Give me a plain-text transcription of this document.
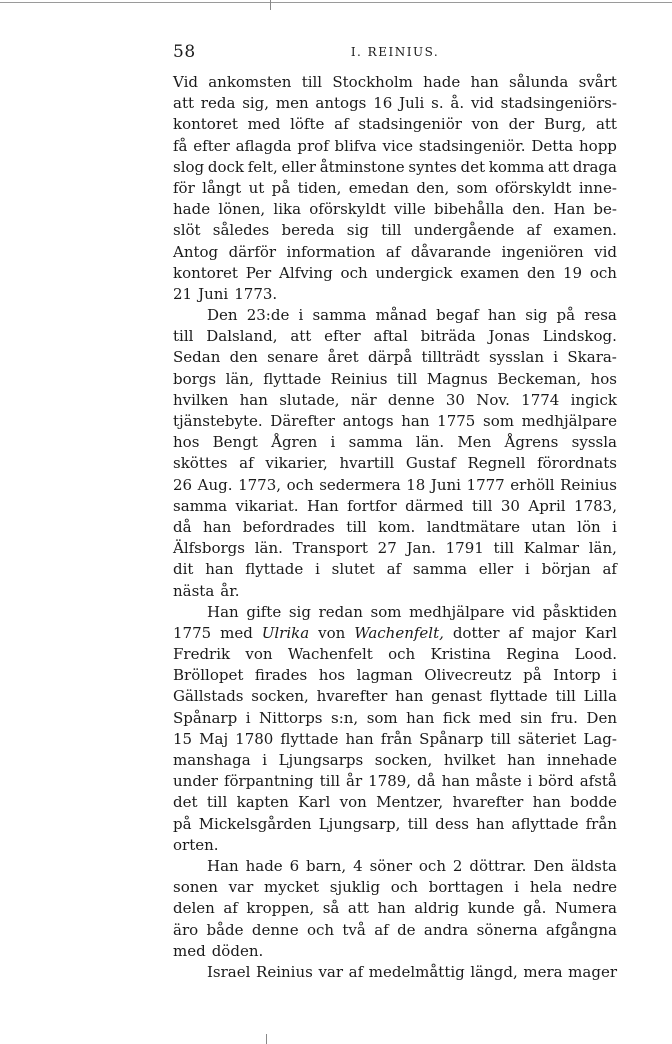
58	I. REINIUS.
Vid ankomsten till Stockholm hade han sålunda svårt
att reda sig, men antogs 16 Juli s. å. vid stadsingeniörs-
kontoret med löfte af stadsingeniör von der Burg, att
få efter aflagda prof blifva vice stadsingeniör. Detta hopp
slog dock felt, eller åtminstone syntes det komma att draga
för långt ut på tiden, emedan den, som oförskyldt inne-
hade lönen, lika oförskyldt ville bibehålla den. Han be-
slöt således bereda sig till undergående af examen.
Antog därför information af dåvarande ingeniören vid
kontoret Per Alfving och undergick examen den 19 och
21 Juni 1773.
Den 23:de i samma månad begaf han sig på resa
till Dalsland, att efter aftal biträda Jonas Lindskog.
Sedan den senare året därpå tillträdt sysslan i Skara-
borgs län, flyttade Reinius till Magnus Beckeman, hos
hvilken han slutade, när denne 30 Nov. 1774 ingick
tjänstebyte. Därefter antogs han 1775 som medhjälpare
hos Bengt Ågren i samma län. Men Ågrens syssla
sköttes af vikarier, hvartill Gustaf Regnell förordnats
26 Aug. 1773, och sedermera 18 Juni 1777 erhöll Reinius
samma vikariat. Han fortfor därmed till 30 April 1783,
då han befordrades till kom. landtmätare utan lön i
Älfsborgs län. Transport 27 Jan. 1791 till Kalmar län,
dit han flyttade i slutet af samma eller i början af
nästa år.
Han gifte sig redan som medhjälpare vid påsktiden
1775 med Ulrika von Wachenfelt, dotter af major Karl
Fredrik von Wachenfelt och Kristina Regina Lood.
Bröllopet firades hos lagman Olivecreutz på Intorp i
Gällstads socken, hvarefter han genast flyttade till Lilla
Spånarp i Nittorps s:n, som han fick med sin fru. Den
15 Maj 1780 flyttade han från Spånarp till säteriet Lag-
manshaga i Ljungsarps socken, hvilket han innehade
under förpantning till år 1789, då han måste i börd afstå
det till kapten Karl von Mentzer, hvarefter han bodde
på Mickelsgården Ljungsarp, till dess han aflyttade från
orten.
Han hade 6 barn, 4 söner och 2 döttrar. Den äldsta
sonen var mycket sjuklig och borttagen i hela nedre
delen af kroppen, så att han aldrig kunde gå. Numera
äro både denne och två af de andra sönerna afgångna
med döden.
Israel Reinius var af medelmåttig längd, mera mager
